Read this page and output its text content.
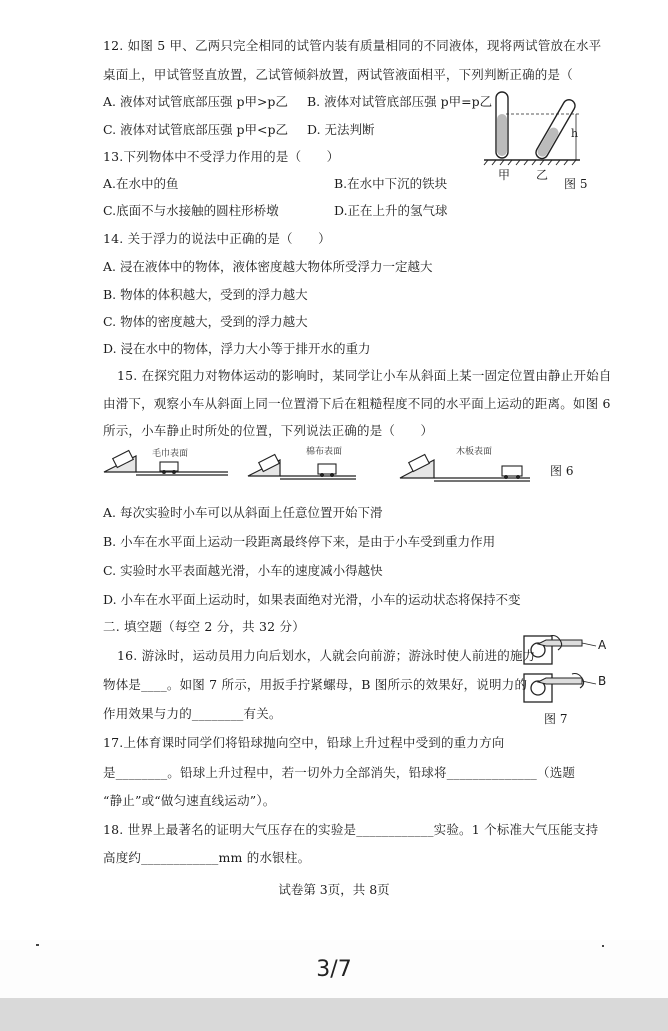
12. 如图 5 甲、乙两只完全相同的试管内装有质量相同的不同液体，现将两试管放在水平
桌面上，甲试管竖直放置，乙试管倾斜放置，两试管液面相平，下列判断正确的是（
A. 液体对试管底部压强 p甲>p乙 B. 液体对试管底部压强 p甲=p乙
C. 液体对试管底部压强 p甲<p乙 D. 无法判断	h
甲 乙
图 5
13.下列物体中不受浮力作用的是（　　）
A.在水中的鱼	B.在水中下沉的铁块
C.底面不与水接触的圆柱形桥墩	D.正在上升的氢气球
14. 关于浮力的说法中正确的是（　　）
A. 浸在液体中的物体，液体密度越大物体所受浮力一定越大
B. 物体的体积越大，受到的浮力越大
C. 物体的密度越大，受到的浮力越大
D. 浸在水中的物体，浮力大小等于排开水的重力
15. 在探究阻力对物体运动的影响时，某同学让小车从斜面上某一固定位置由静止开始自
由滑下，观察小车从斜面上同一位置滑下后在粗糙程度不同的水平面上运动的距离。如图 6
所示，小车静止时所处的位置，下列说法正确的是（　　）
毛巾表面	棉布表面	木板表面
图 6
A. 每次实验时小车可以从斜面上任意位置开始下滑
B. 小车在水平面上运动一段距离最终停下来，是由于小车受到重力作用
C. 实验时水平表面越光滑，小车的速度减小得越快
D. 小车在水平面上运动时，如果表面绝对光滑，小车的运动状态将保持不变
二. 填空题（每空 2 分，共 32 分）
16. 游泳时，运动员用力向后划水，人就会向前游；游泳时使人前进的施力
物体是____。如图 7 所示，用扳手拧紧螺母，B 图所示的效果好，说明力的
作用效果与力的________有关。
A
B
图 7
17.上体育课时同学们将铅球抛向空中，铅球上升过程中受到的重力方向
是________。铅球上升过程中，若一切外力全部消失，铅球将______________（选题
“静止”或“做匀速直线运动”）。
18. 世界上最著名的证明大气压存在的实验是____________实验。1 个标准大气压能支持
高度约____________mm 的水银柱。
试卷第 3页，共 8页
3/7
